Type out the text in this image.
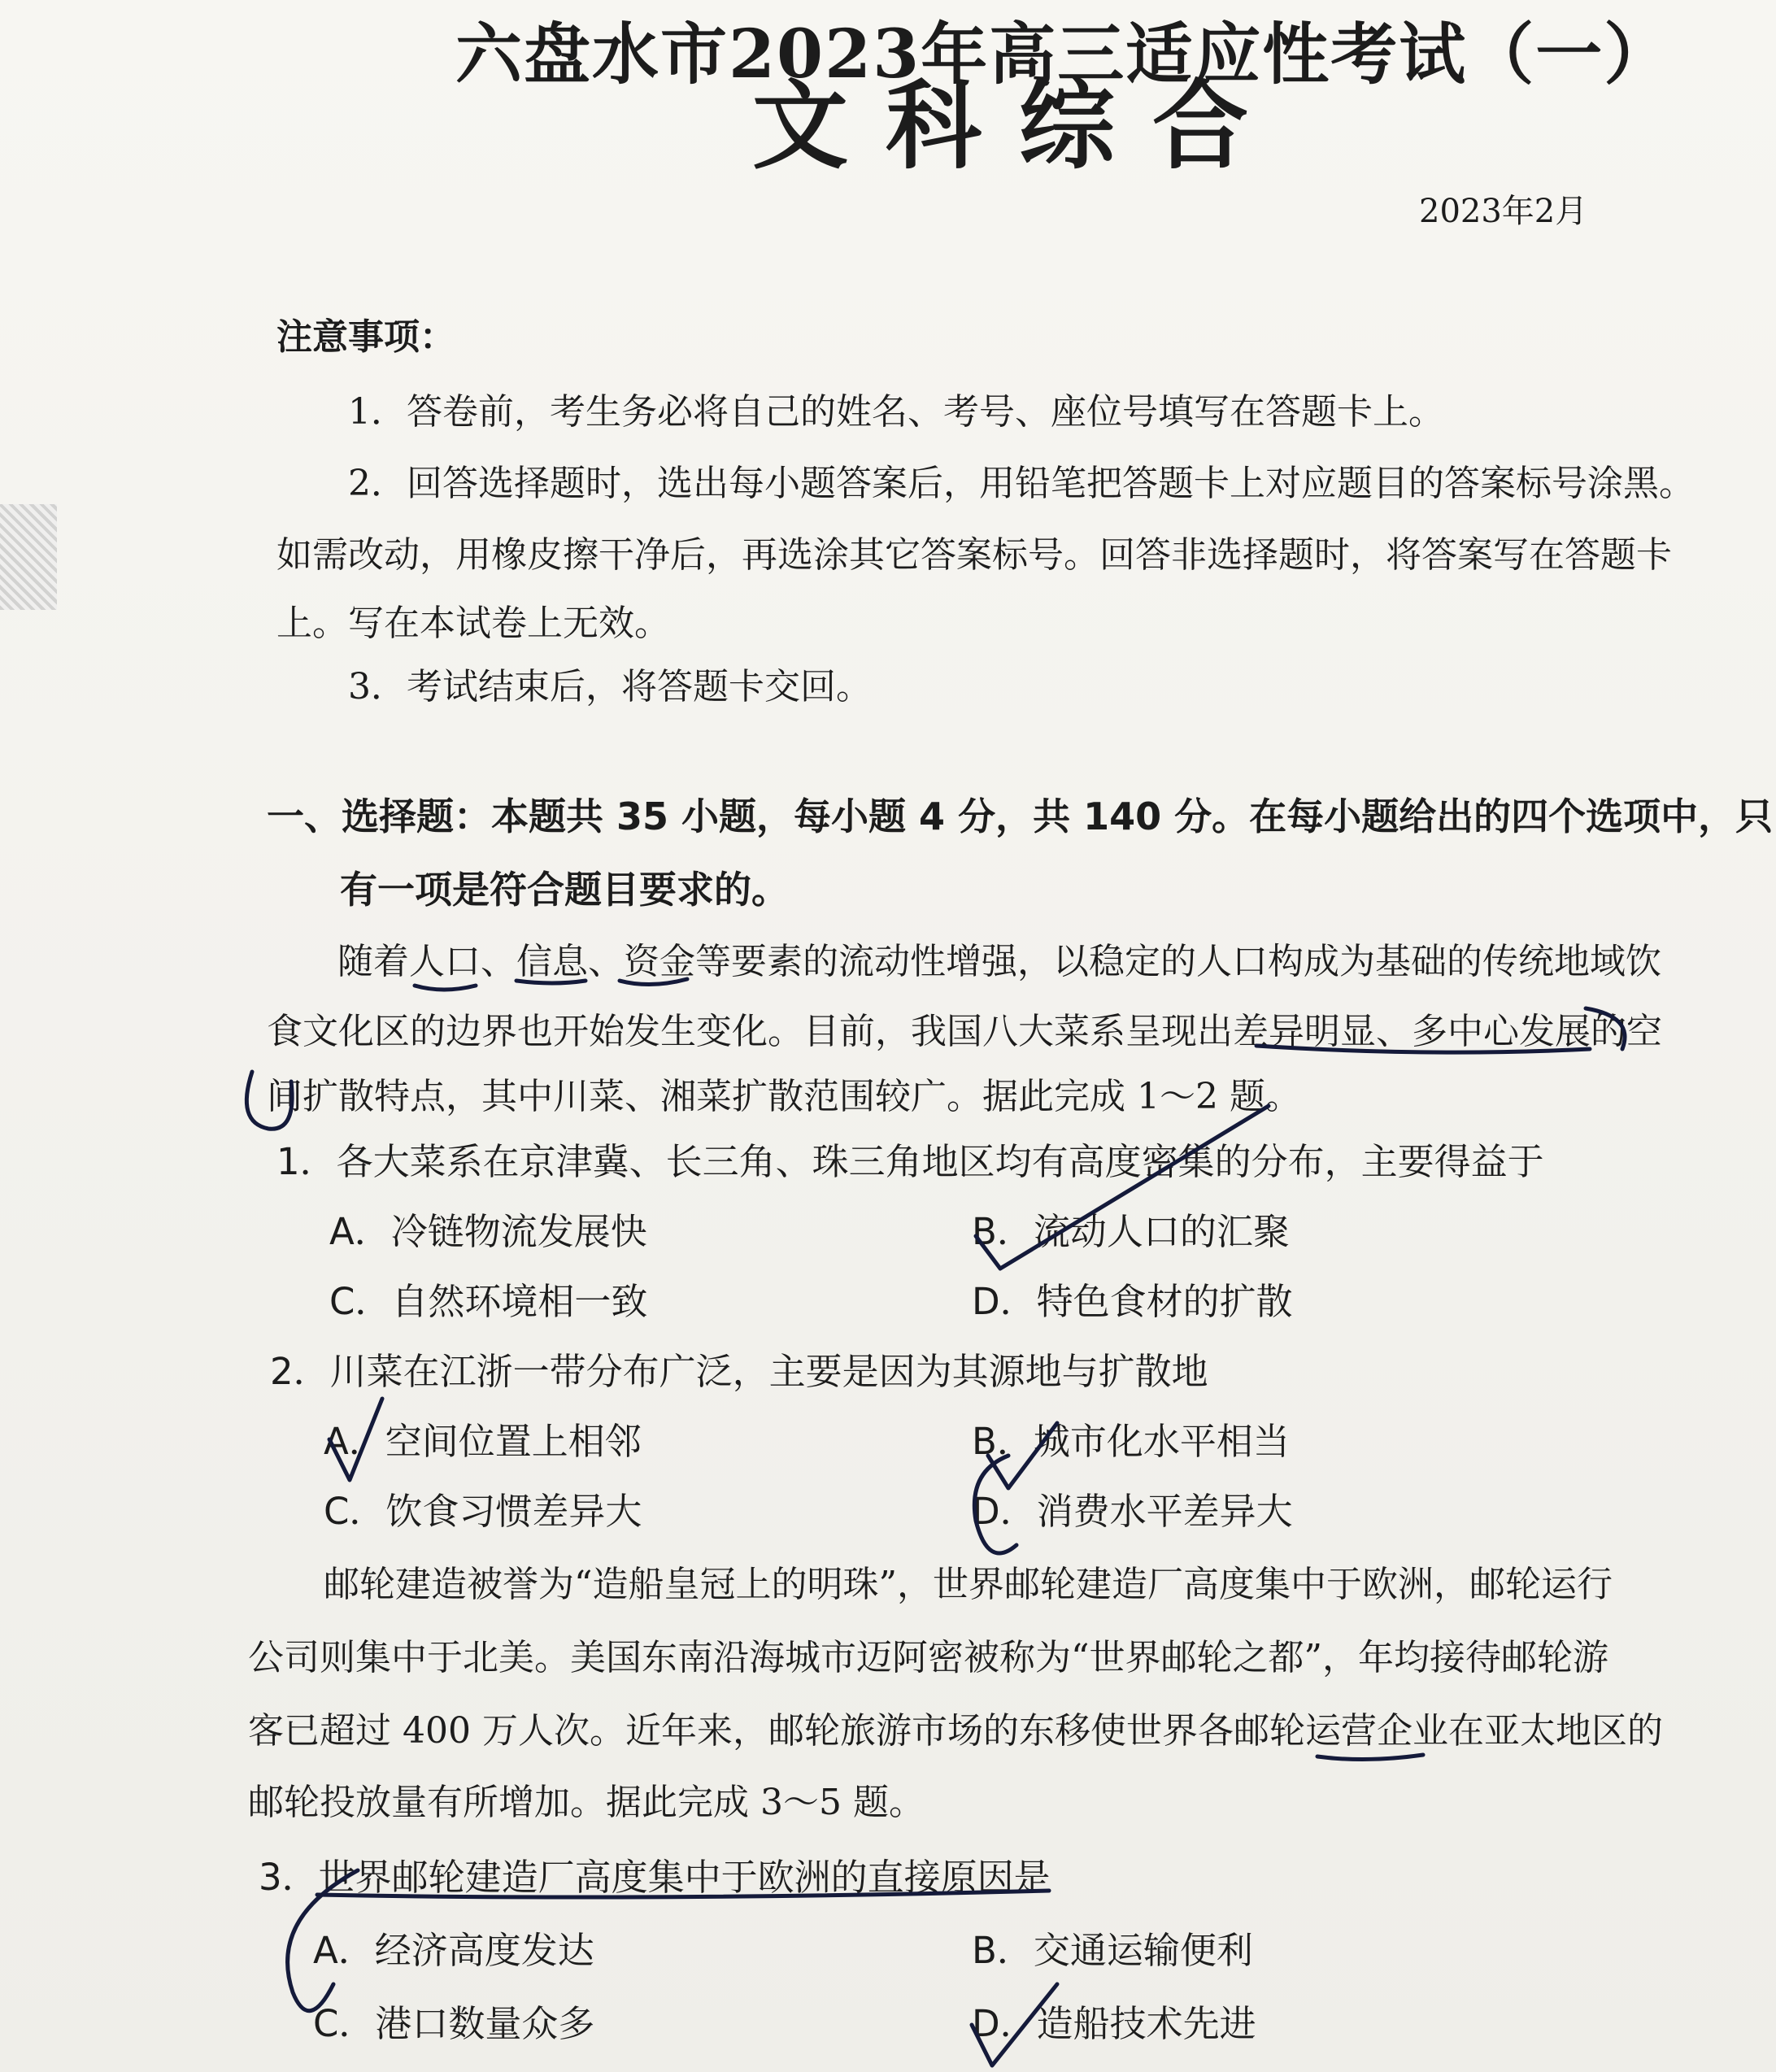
六盘水市2023年高三适应性考试（一）
文科综合
2023年2月
注意事项：
1．答卷前，考生务必将自己的姓名、考号、座位号填写在答题卡上。
2．回答选择题时，选出每小题答案后，用铅笔把答题卡上对应题目的答案标号涂黑。
如需改动，用橡皮擦干净后，再选涂其它答案标号。回答非选择题时，将答案写在答题卡
上。写在本试卷上无效。
3．考试结束后，将答题卡交回。
一、选择题：本题共 35 小题，每小题 4 分，共 140 分。在每小题给出的四个选项中，只
有一项是符合题目要求的。
随着人口、信息、资金等要素的流动性增强，以稳定的人口构成为基础的传统地域饮
食文化区的边界也开始发生变化。目前，我国八大菜系呈现出差异明显、多中心发展的空
间扩散特点，其中川菜、湘菜扩散范围较广。据此完成 1～2 题。
1．各大菜系在京津冀、长三角、珠三角地区均有高度密集的分布，主要得益于
A．冷链物流发展快	B．流动人口的汇聚
C．自然环境相一致	D．特色食材的扩散
2．川菜在江浙一带分布广泛，主要是因为其源地与扩散地
A．空间位置上相邻	B．城市化水平相当
C．饮食习惯差异大	D．消费水平差异大
邮轮建造被誉为“造船皇冠上的明珠”，世界邮轮建造厂高度集中于欧洲，邮轮运行
公司则集中于北美。美国东南沿海城市迈阿密被称为“世界邮轮之都”，年均接待邮轮游
客已超过 400 万人次。近年来，邮轮旅游市场的东移使世界各邮轮运营企业在亚太地区的
邮轮投放量有所增加。据此完成 3～5 题。
3．世界邮轮建造厂高度集中于欧洲的直接原因是
A．经济高度发达	B．交通运输便利
C．港口数量众多	D．造船技术先进
